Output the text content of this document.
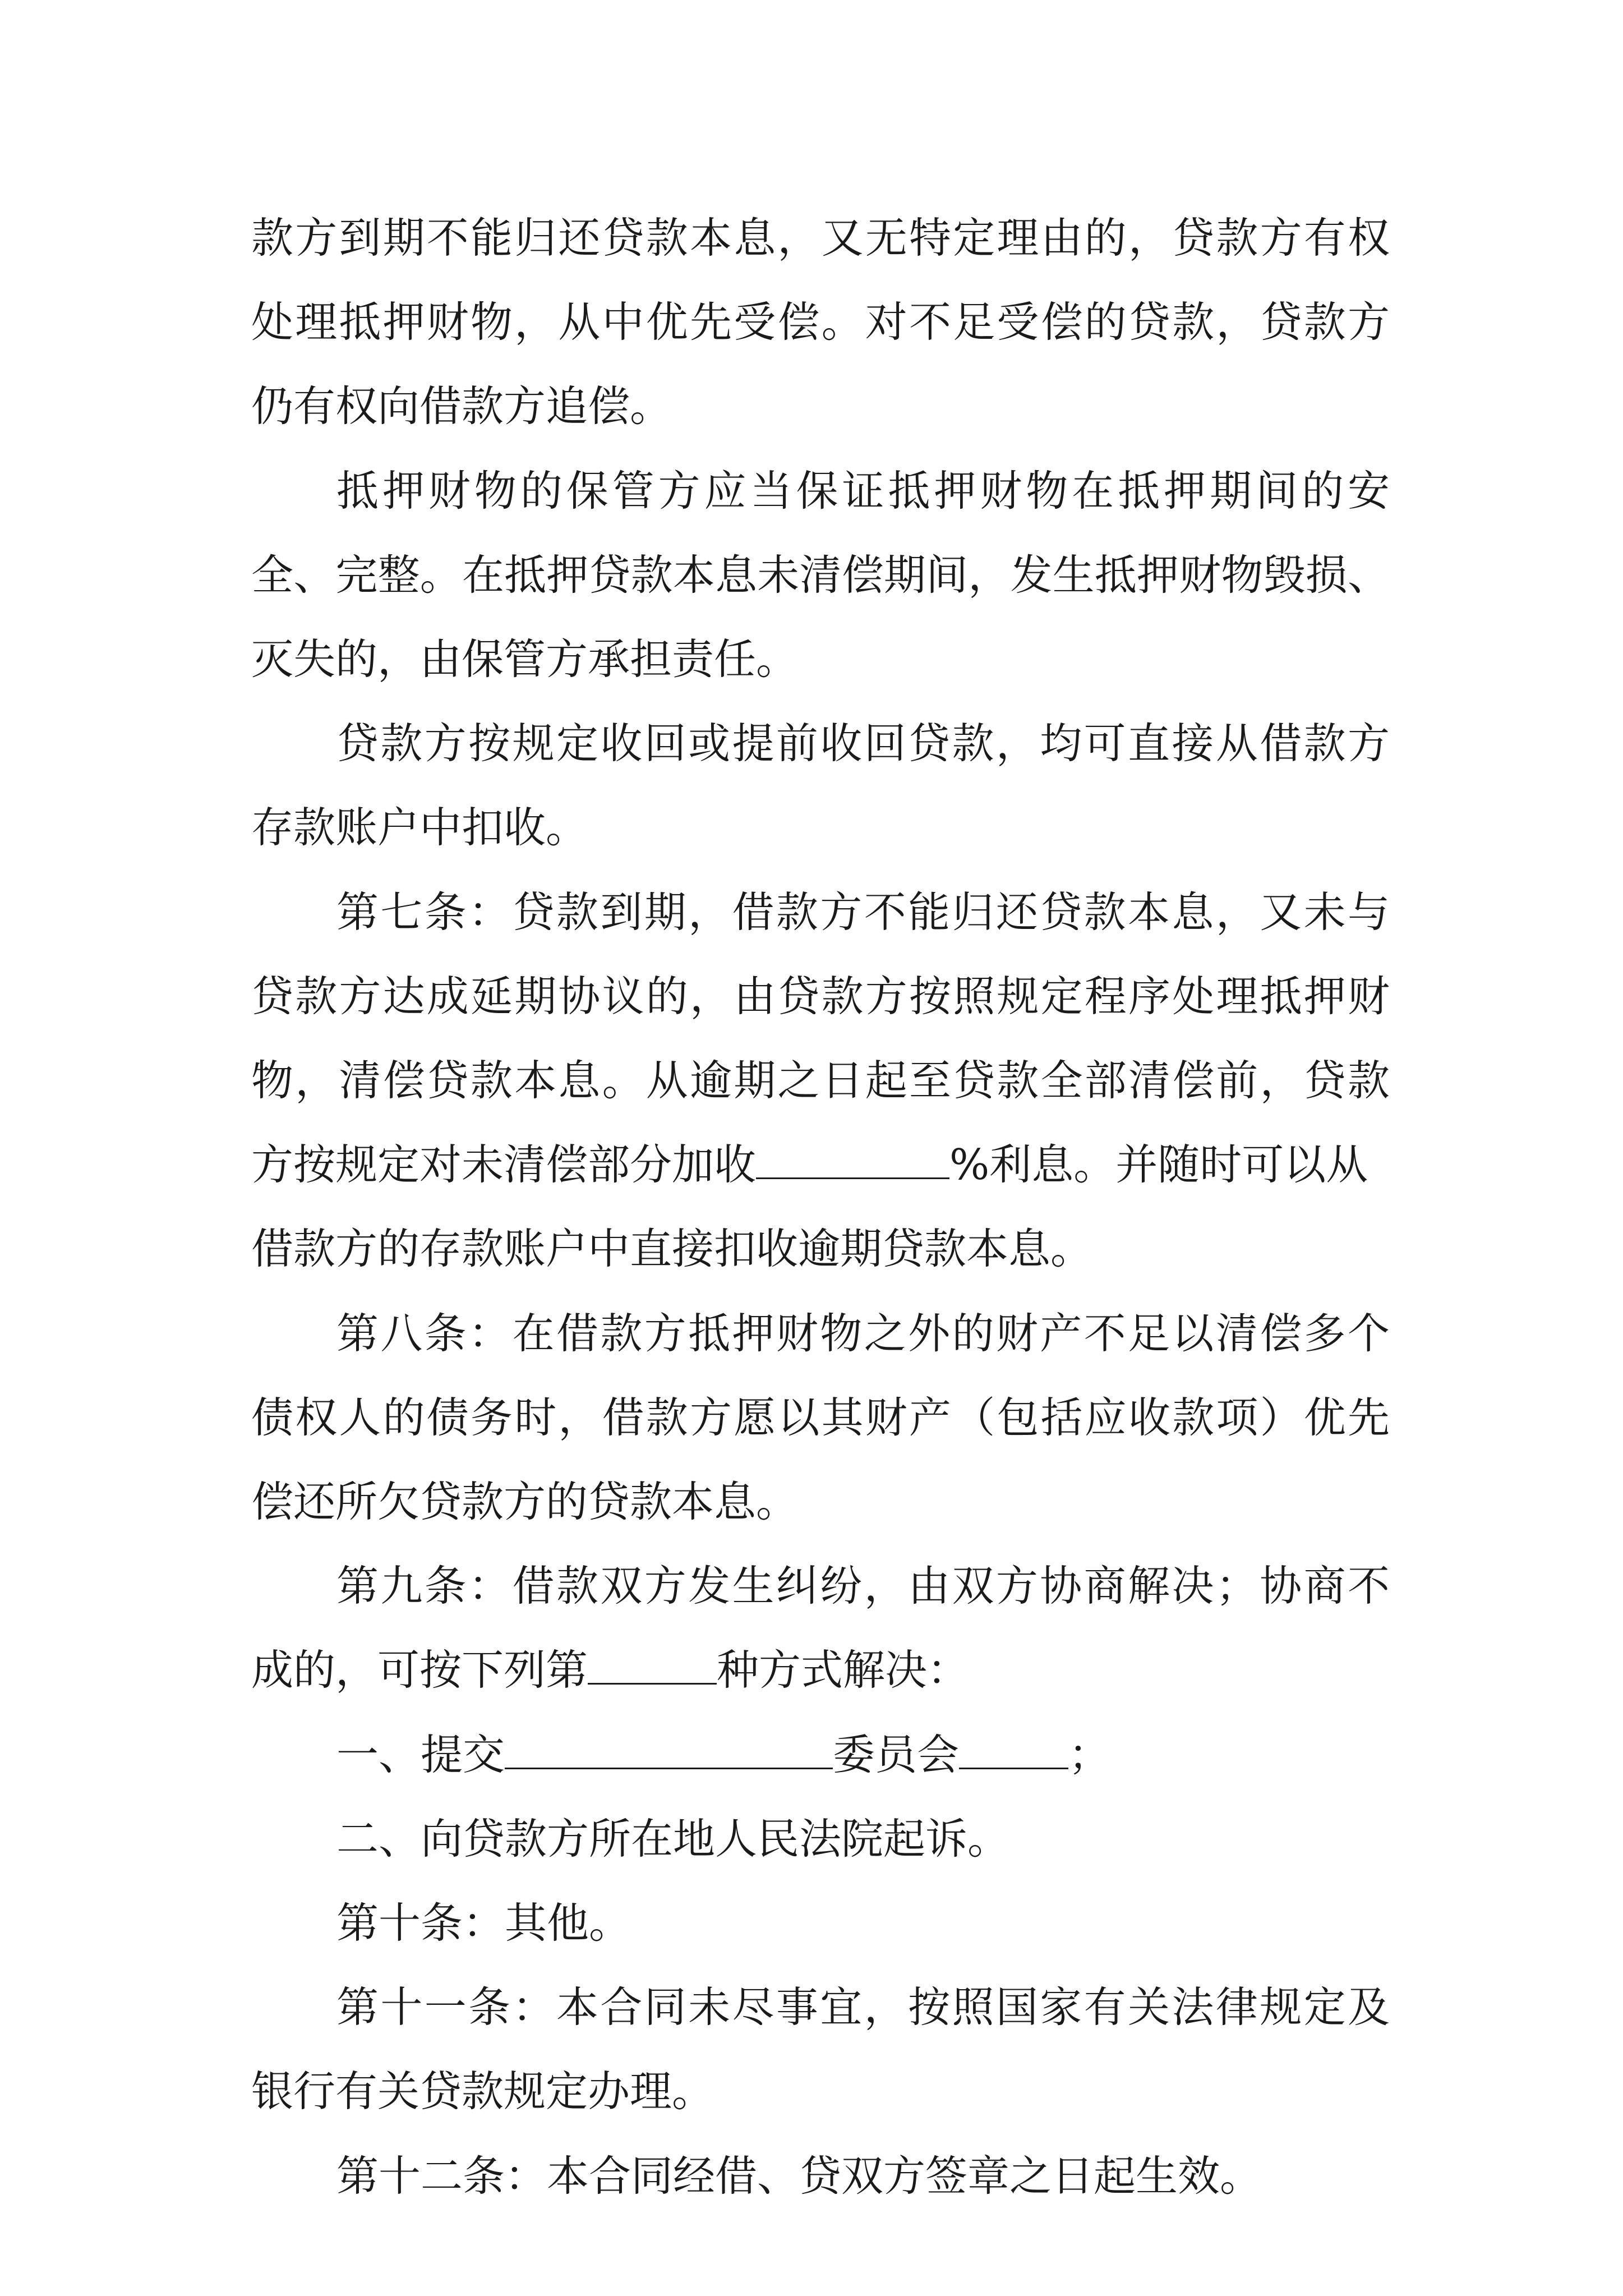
款方到期不能归还贷款本息，又无特定理由的，贷款方有权
处理抵押财物，从中优先受偿。对不足受偿的贷款，贷款方
仍有权向借款方追偿。
抵押财物的保管方应当保证抵押财物在抵押期间的安
全、完整。在抵押贷款本息未清偿期间，发生抵押财物毁损、
灭失的，由保管方承担责任。
贷款方按规定收回或提前收回贷款，均可直接从借款方
存款账户中扣收。
第七条：贷款到期，借款方不能归还贷款本息，又未与
贷款方达成延期协议的，由贷款方按照规定程序处理抵押财
物，清偿贷款本息。从逾期之日起至贷款全部清偿前，贷款
方按规定对未清偿部分加收	%利息。并随时可以从
借款方的存款账户中直接扣收逾期贷款本息。
第八条：在借款方抵押财物之外的财产不足以清偿多个
债权人的债务时，借款方愿以其财产（包括应收款项）优先
偿还所欠贷款方的贷款本息。
第九条：借款双方发生纠纷，由双方协商解决；协商不
成的，可按下列第	种方式解决：
一、提交	委员会	；
二、向贷款方所在地人民法院起诉。
第十条：其他。
第十一条：本合同未尽事宜，按照国家有关法律规定及
银行有关贷款规定办理。
第十二条：本合同经借、贷双方签章之日起生效。
